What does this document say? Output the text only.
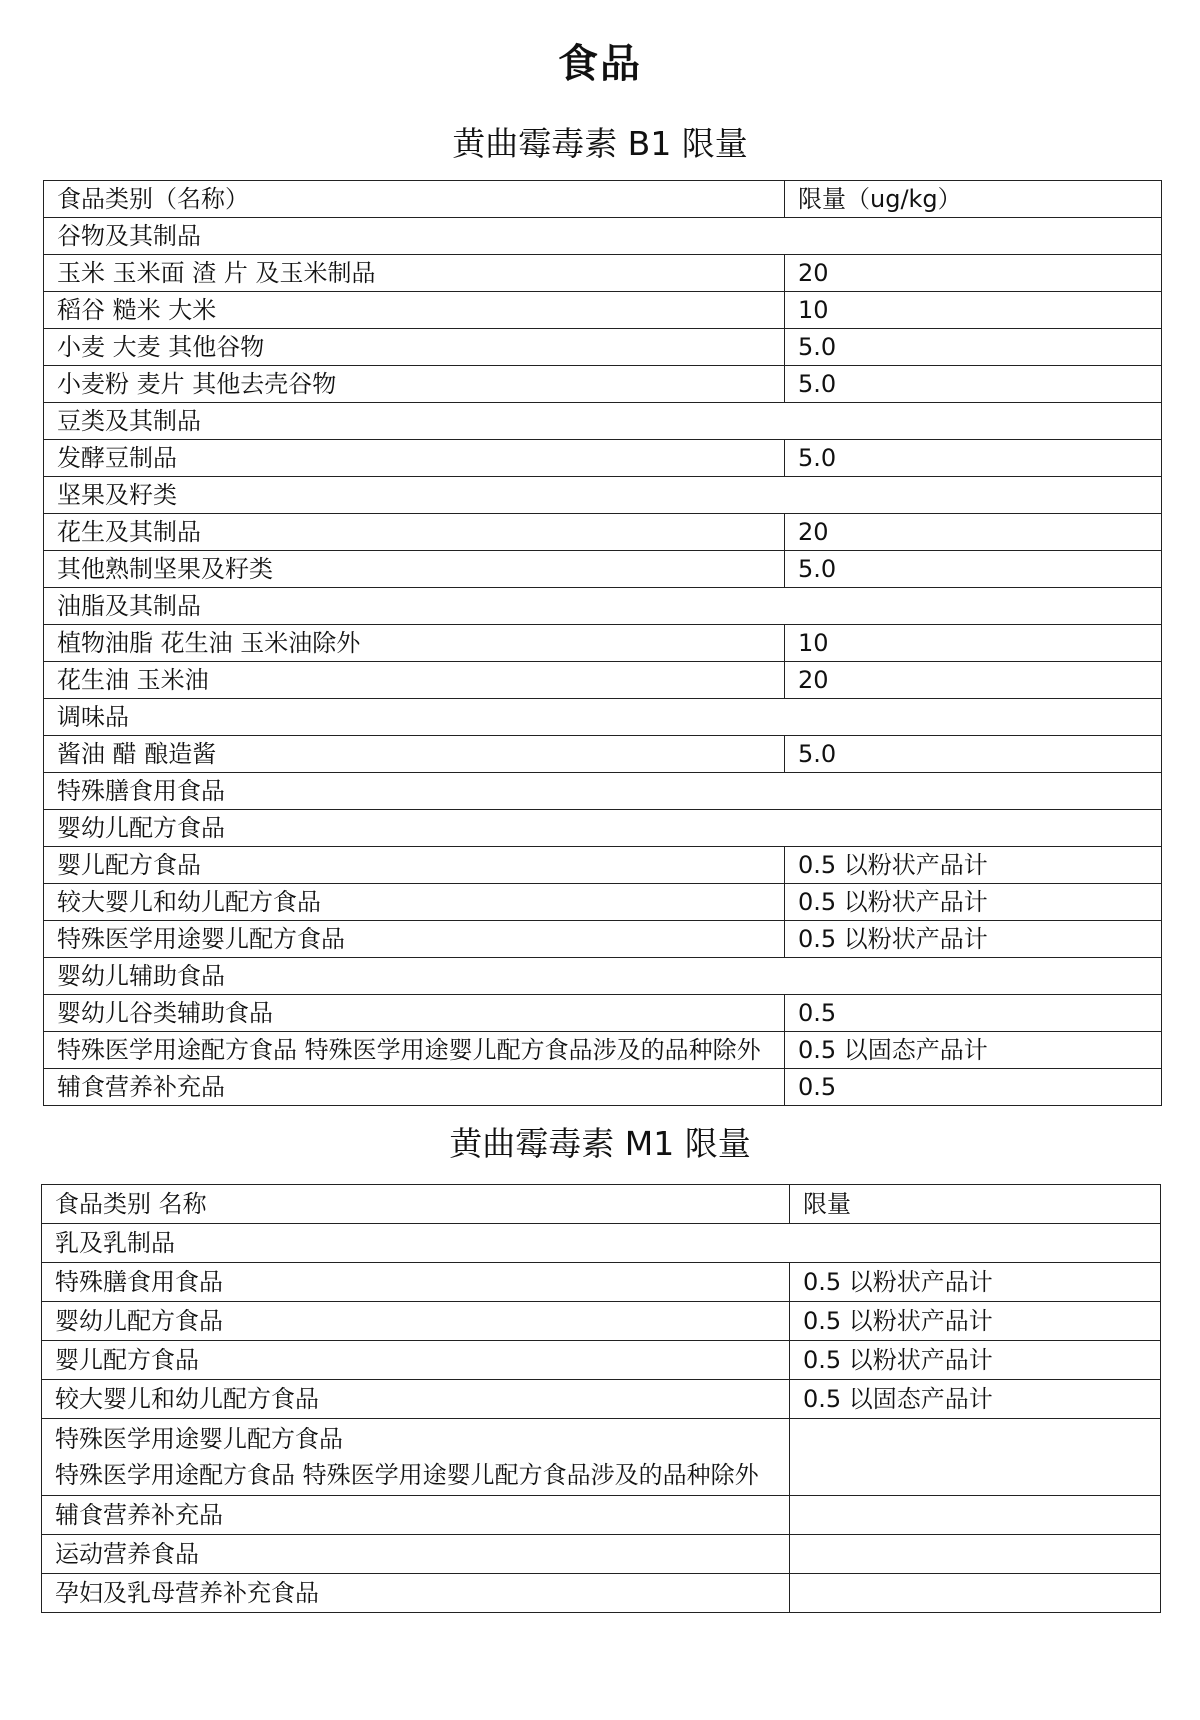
食品
黄曲霉毒素 B1 限量
食品类别（名称）	限量（ug/kg）
谷物及其制品	
玉米 玉米面 渣 片 及玉米制品	20
稻谷 糙米 大米	10
小麦 大麦 其他谷物	5.0
小麦粉 麦片 其他去壳谷物	5.0
豆类及其制品	
发酵豆制品	5.0
坚果及籽类	
花生及其制品	20
其他熟制坚果及籽类	5.0
油脂及其制品	
植物油脂 花生油 玉米油除外	10
花生油 玉米油	20
调味品	
酱油 醋 酿造酱	5.0
特殊膳食用食品	
婴幼儿配方食品	
婴儿配方食品	0.5 以粉状产品计
较大婴儿和幼儿配方食品	0.5 以粉状产品计
特殊医学用途婴儿配方食品	0.5 以粉状产品计
婴幼儿辅助食品	
婴幼儿谷类辅助食品	0.5
特殊医学用途配方食品 特殊医学用途婴儿配方食品涉及的品种除外	0.5 以固态产品计
辅食营养补充品	0.5
黄曲霉毒素 M1 限量
食品类别 名称	限量
乳及乳制品	
特殊膳食用食品	0.5 以粉状产品计
婴幼儿配方食品	0.5 以粉状产品计
婴儿配方食品	0.5 以粉状产品计
较大婴儿和幼儿配方食品	0.5 以固态产品计

特殊医学用途婴儿配方食品
特殊医学用途配方食品 特殊医学用途婴儿配方食品涉及的品种除外	

辅食营养补充品	
运动营养食品	
孕妇及乳母营养补充食品	
